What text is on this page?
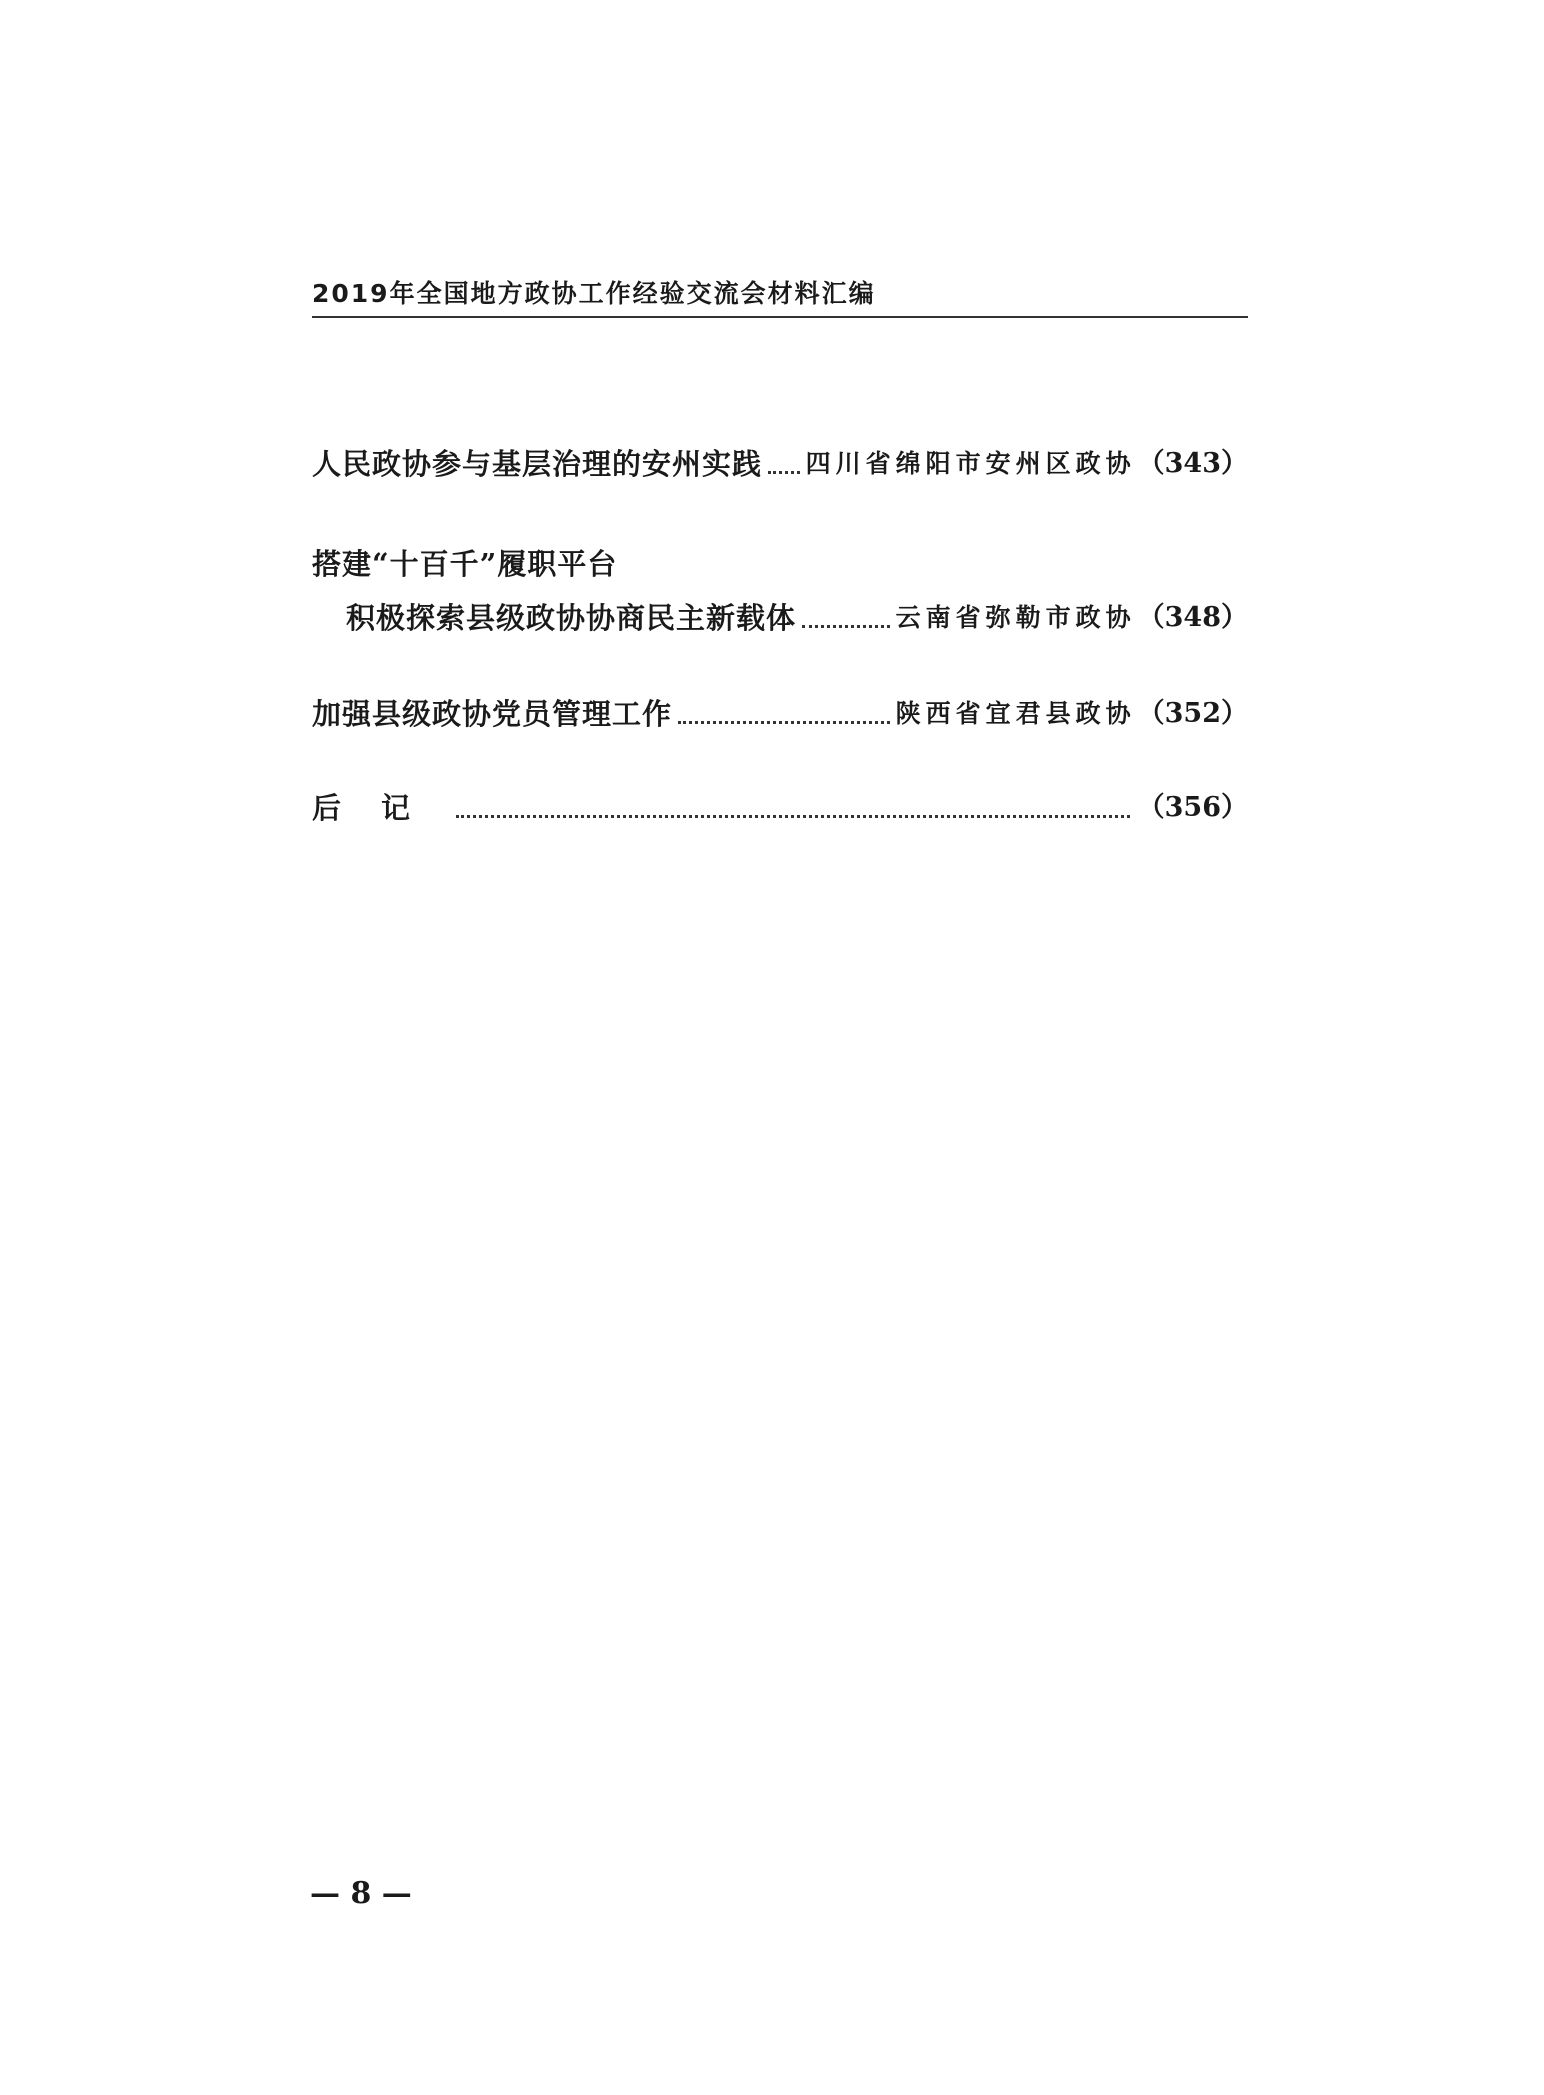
2019年全国地方政协工作经验交流会材料汇编
人民政协参与基层治理的安州实践 四川省绵阳市安州区政协 （343）
搭建“十百千”履职平台
积极探索县级政协协商民主新载体	云南省弥勒市政协 （348）
加强县级政协党员管理工作	陕西省宜君县政协 （352）
后记	（356）
— 8 —
